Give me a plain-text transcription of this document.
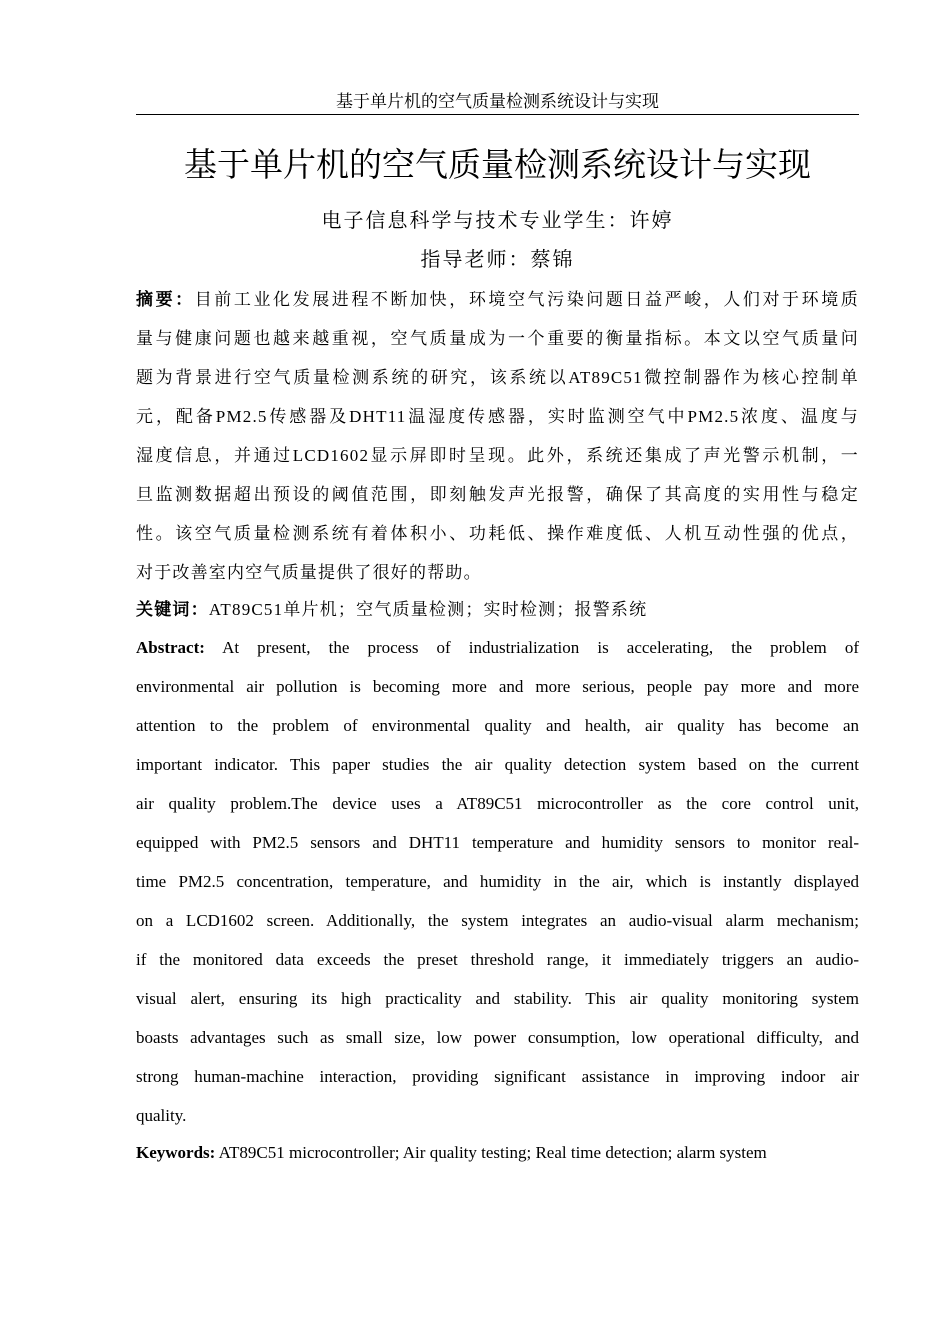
基于单片机的空气质量检测系统设计与实现
基于单片机的空气质量检测系统设计与实现
电子信息科学与技术专业学生：许婷
指导老师：蔡锦
摘要：目前工业化发展进程不断加快，环境空气污染问题日益严峻，人们对于环境质
量与健康问题也越来越重视，空气质量成为一个重要的衡量指标。本文以空气质量问
题为背景进行空气质量检测系统的研究，该系统以AT89C51微控制器作为核心控制单
元，配备PM2.5传感器及DHT11温湿度传感器，实时监测空气中PM2.5浓度、温度与
湿度信息，并通过LCD1602显示屏即时呈现。此外，系统还集成了声光警示机制，一
旦监测数据超出预设的阈值范围，即刻触发声光报警，确保了其高度的实用性与稳定
性。该空气质量检测系统有着体积小、功耗低、操作难度低、人机互动性强的优点，
对于改善室内空气质量提供了很好的帮助。
关键词：AT89C51单片机；空气质量检测；实时检测；报警系统
Abstract: At present, the process of industrialization is accelerating, the problem of
environmental air pollution is becoming more and more serious, people pay more and more
attention to the problem of environmental quality and health, air quality has become an
important indicator. This paper studies the air quality detection system based on the current
air quality problem.The device uses a AT89C51 microcontroller as the core control unit,
equipped with PM2.5 sensors and DHT11 temperature and humidity sensors to monitor real-
time PM2.5 concentration, temperature, and humidity in the air, which is instantly displayed
on a LCD1602 screen. Additionally, the system integrates an audio-visual alarm mechanism;
if the monitored data exceeds the preset threshold range, it immediately triggers an audio-
visual alert, ensuring its high practicality and stability. This air quality monitoring system
boasts advantages such as small size, low power consumption, low operational difficulty, and
strong human-machine interaction, providing significant assistance in improving indoor air
quality.
Keywords: AT89C51 microcontroller; Air quality testing; Real time detection; alarm system
